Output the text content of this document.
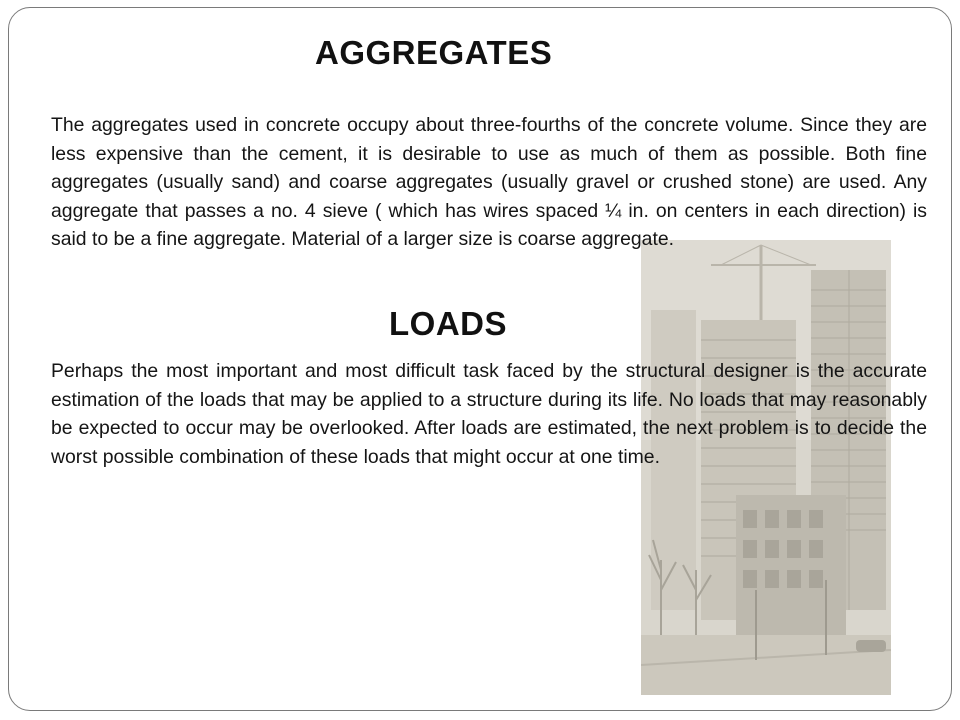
AGGREGATES
The aggregates used in concrete occupy about three-fourths of the concrete volume. Since they are less expensive than the cement, it is desirable to use as much of them as possible. Both fine aggregates (usually sand) and coarse aggregates (usually gravel or crushed stone) are used. Any aggregate that passes a no. 4 sieve ( which has wires spaced ¼ in. on centers in each direction) is said to be a fine aggregate. Material of a larger size is coarse aggregate.
LOADS
Perhaps the most important and most difficult task faced by the structural designer is the accurate estimation of the loads that may be applied to a structure during its life. No loads that may reasonably be expected to occur may be overlooked. After loads are estimated, the next problem is to decide the worst possible combination of these loads that might occur at one time.
